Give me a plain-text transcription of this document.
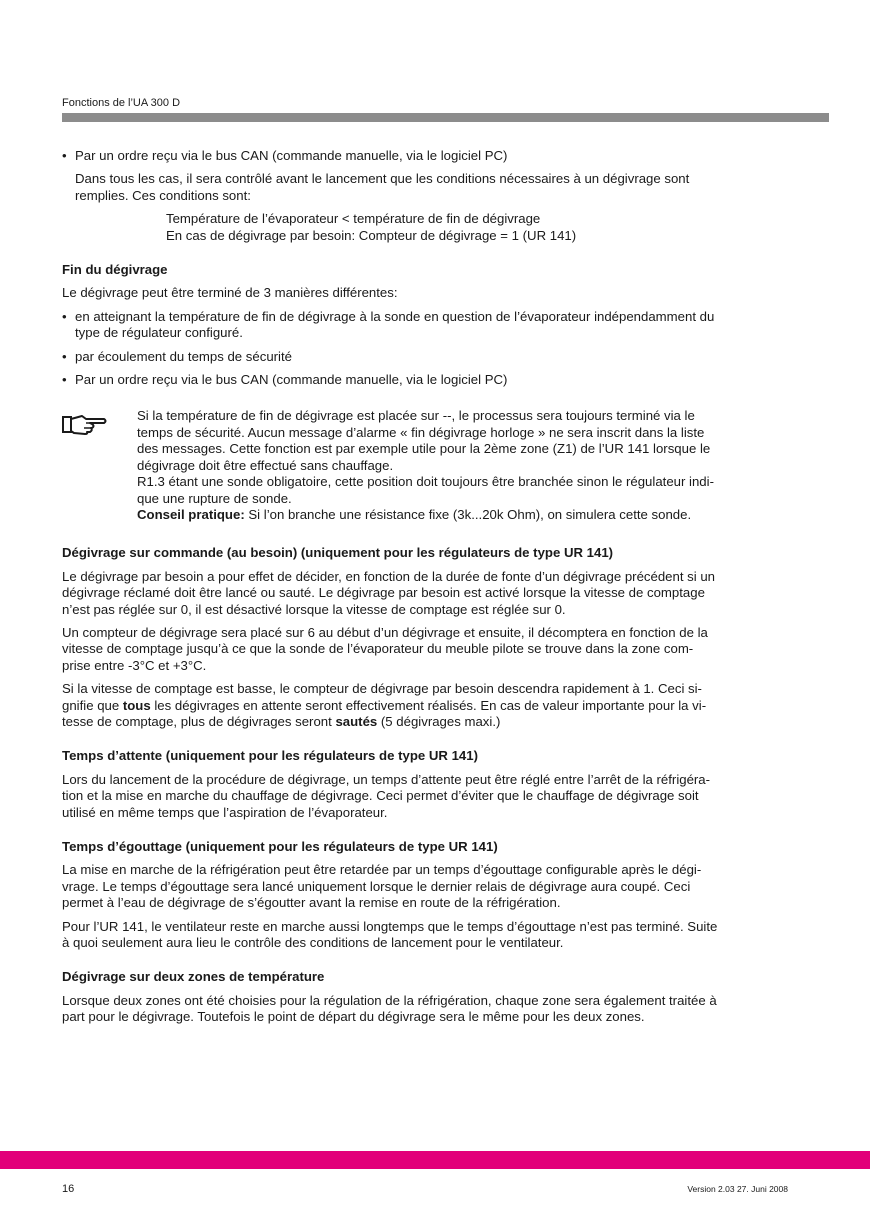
Fonctions de l’UA 300 D
• Par un ordre reçu via le bus CAN (commande manuelle, via le logiciel PC)
Dans tous les cas, il sera contrôlé avant le lancement que les conditions nécessaires à un dégivrage sont
remplies. Ces conditions sont:
Température de l’évaporateur < température de fin de dégivrage
En cas de dégivrage par besoin: Compteur de dégivrage = 1 (UR 141)
Fin du dégivrage
Le dégivrage peut être terminé de 3 manières différentes:
• en atteignant la température de fin de dégivrage à la sonde en question de l’évaporateur indépendamment du
type de régulateur configuré.
• par écoulement du temps de sécurité
• Par un ordre reçu via le bus CAN (commande manuelle, via le logiciel PC)
Si la température de fin de dégivrage est placée sur --, le processus sera toujours terminé via le
temps de sécurité. Aucun message d’alarme « fin dégivrage horloge » ne sera inscrit dans la liste
des messages. Cette fonction est par exemple utile pour la 2ème zone (Z1) de l’UR 141 lorsque le
dégivrage doit être effectué sans chauffage.
R1.3 étant une sonde obligatoire, cette position doit toujours être branchée sinon le régulateur indi-
que une rupture de sonde.
Conseil pratique: Si l’on branche une résistance fixe (3k...20k Ohm), on simulera cette sonde.
Dégivrage sur commande (au besoin) (uniquement pour les régulateurs de type UR 141)
Le dégivrage par besoin a pour effet de décider, en fonction de la durée de fonte d’un dégivrage précédent si un
dégivrage réclamé doit être lancé ou sauté. Le dégivrage par besoin est activé lorsque la vitesse de comptage
n’est pas réglée sur 0, il est désactivé lorsque la vitesse de comptage est réglée sur 0.
Un compteur de dégivrage sera placé sur 6 au début d’un dégivrage et ensuite, il décomptera en fonction de la
vitesse de comptage jusqu’à ce que la sonde de l’évaporateur du meuble pilote se trouve dans la zone com-
prise entre -3°C et +3°C.
Si la vitesse de comptage est basse, le compteur de dégivrage par besoin descendra rapidement à 1. Ceci si-
gnifie que tous les dégivrages en attente seront effectivement réalisés. En cas de valeur importante pour la vi-
tesse de comptage, plus de dégivrages seront sautés (5 dégivrages maxi.)
Temps d’attente (uniquement pour les régulateurs de type UR 141)
Lors du lancement de la procédure de dégivrage, un temps d’attente peut être réglé entre l’arrêt de la réfrigéra-
tion et la mise en marche du chauffage de dégivrage. Ceci permet d’éviter que le chauffage de dégivrage soit
utilisé en même temps que l’aspiration de l’évaporateur.
Temps d’égouttage (uniquement pour les régulateurs de type UR 141)
La mise en marche de la réfrigération peut être retardée par un temps d’égouttage configurable après le dégi-
vrage. Le temps d’égouttage sera lancé uniquement lorsque le dernier relais de dégivrage aura coupé. Ceci
permet à l’eau de dégivrage de s’égoutter avant la remise en route de la réfrigération.
Pour l’UR 141, le ventilateur reste en marche aussi longtemps que le temps d’égouttage n’est pas terminé. Suite
à quoi seulement aura lieu le contrôle des conditions de lancement pour le ventilateur.
Dégivrage sur deux zones de température
Lorsque deux zones ont été choisies pour la régulation de la réfrigération, chaque zone sera également traitée à
part pour le dégivrage. Toutefois le point de départ du dégivrage sera le même pour les deux zones.
16	Version 2.03 27. Juni 2008
